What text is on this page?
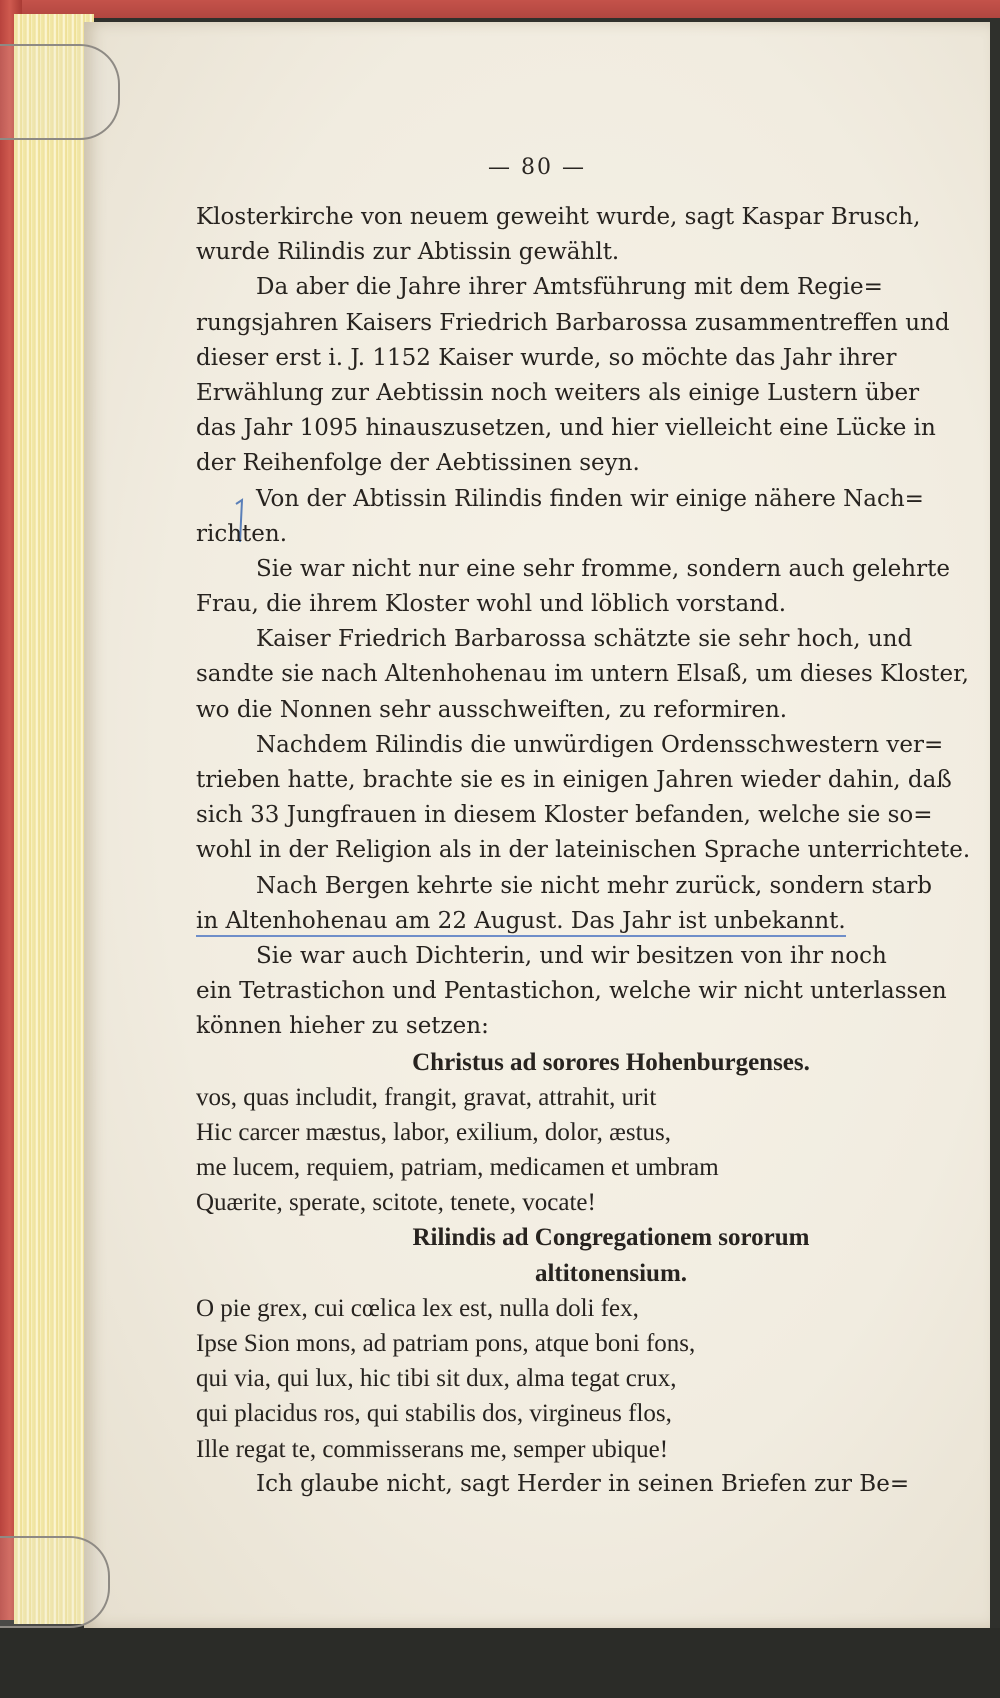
— 80 —

Klosterkirche von neuem geweiht wurde, sagt Kaspar Brusch,

wurde Rilindis zur Abtissin gewählt.

Da aber die Jahre ihrer Amtsführung mit dem Regie=

rungsjahren Kaisers Friedrich Barbarossa zusammentreffen und

dieser erst i. J. 1152 Kaiser wurde, so möchte das Jahr ihrer

Erwählung zur Aebtissin noch weiters als einige Lustern über

das Jahr 1095 hinauszusetzen, und hier vielleicht eine Lücke in

der Reihenfolge der Aebtissinen seyn.

Von der Abtissin Rilindis finden wir einige nähere Nach=

richten.

Sie war nicht nur eine sehr fromme, sondern auch gelehrte

Frau, die ihrem Kloster wohl und löblich vorstand.

Kaiser Friedrich Barbarossa schätzte sie sehr hoch, und

sandte sie nach Altenhohenau im untern Elsaß, um dieses Kloster,

wo die Nonnen sehr ausschweiften, zu reformiren.

Nachdem Rilindis die unwürdigen Ordensschwestern ver=

trieben hatte, brachte sie es in einigen Jahren wieder dahin, daß

sich 33 Jungfrauen in diesem Kloster befanden, welche sie so=

wohl in der Religion als in der lateinischen Sprache unterrichtete.

Nach Bergen kehrte sie nicht mehr zurück, sondern starb

in Altenhohenau am 22 August. Das Jahr ist unbekannt.

Sie war auch Dichterin, und wir besitzen von ihr noch

ein Tetrastichon und Pentastichon, welche wir nicht unterlassen

können hieher zu setzen:

Christus ad sorores Hohenburgenses.

vos, quas includit, frangit, gravat, attrahit, urit

Hic carcer mæstus, labor, exilium, dolor, æstus,

me lucem, requiem, patriam, medicamen et umbram

Quærite, sperate, scitote, tenete, vocate!

Rilindis ad Congregationem sororum

altitonensium.

O pie grex, cui cœlica lex est, nulla doli fex,

Ipse Sion mons, ad patriam pons, atque boni fons,

qui via, qui lux, hic tibi sit dux, alma tegat crux,

qui placidus ros, qui stabilis dos, virgineus flos,

Ille regat te, commisserans me, semper ubique!

Ich glaube nicht, sagt Herder in seinen Briefen zur Be=
